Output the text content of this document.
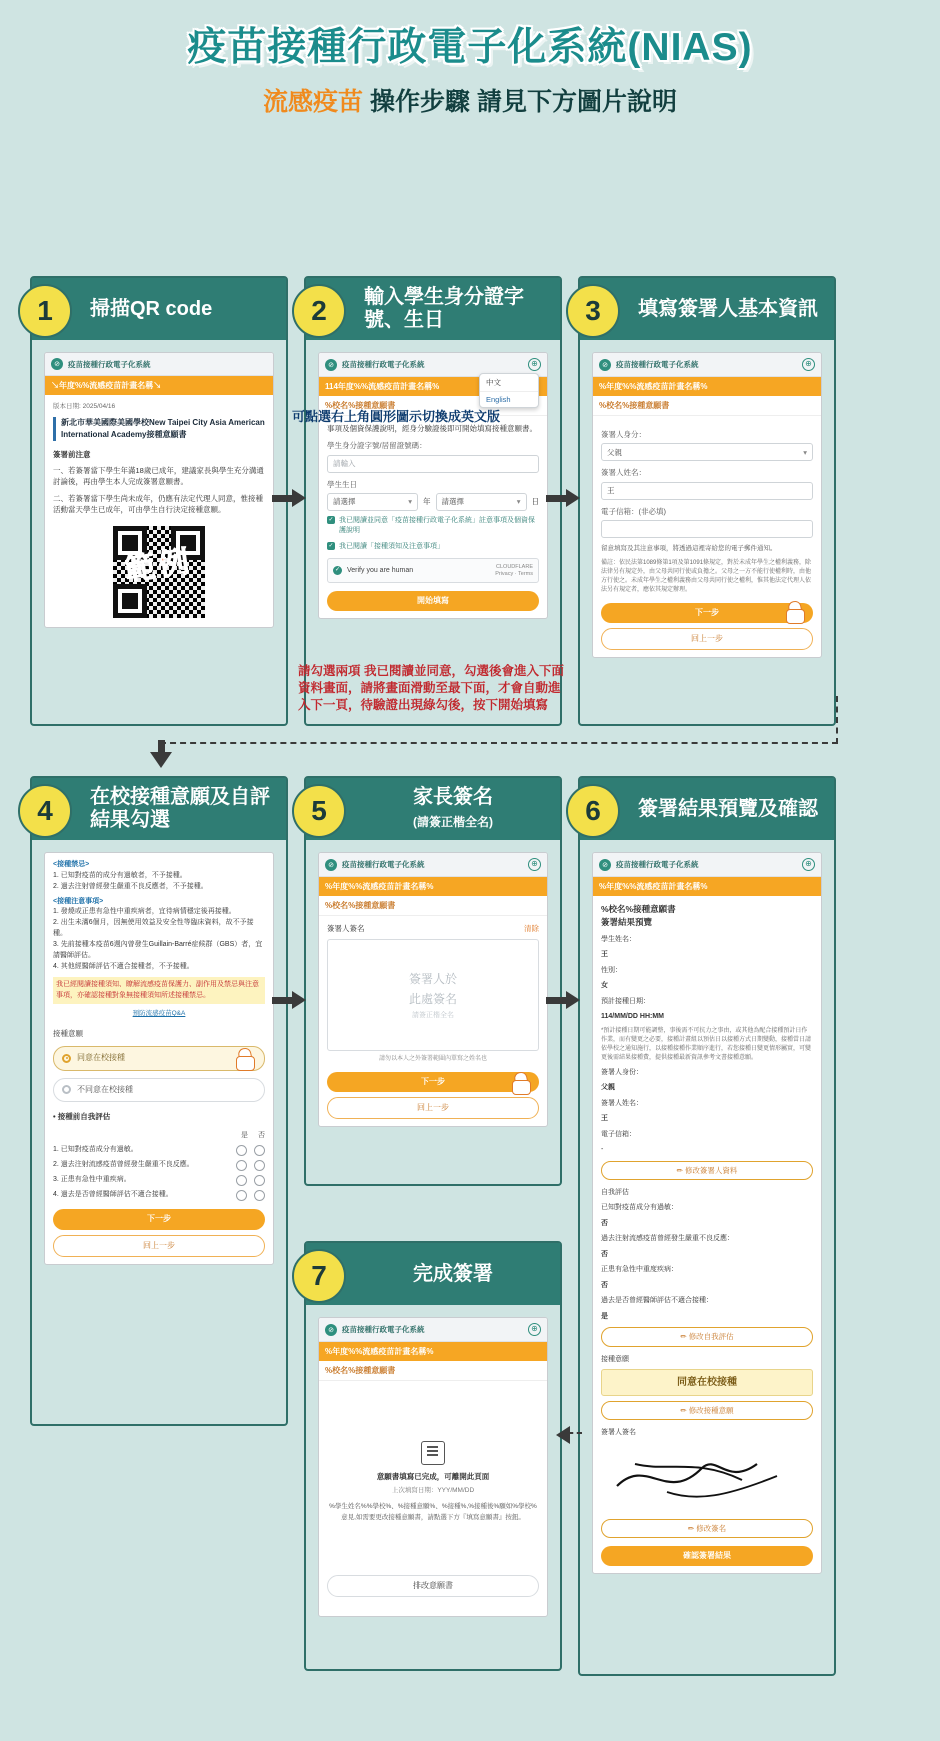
疫苗接種行政電子化系統(NIAS)
流感疫苗 操作步驟 請見下方圖片說明
1	掃描QR code
⊘	疫苗接種行政電子化系統
↘年度%%流感疫苗計畫名稱↘

版本日期: 2025/04/16

新北市華美國際美國學校New Taipei City Asia American International Academy接種意願書

簽署前注意

一、若簽署當下學生年滿18歲已成年，建議家長與學生充分溝通討論後，再由學生本人完成簽署意願書。

二、若簽署當下學生尚未成年，仍應有法定代理人同意，惟接種活動當天學生已成年，可由學生自行決定接種意願。

範例
2	輸入學生身分證字號、生日
⊘	疫苗接種行政電子化系統	⊕
中文
English
114年度%%流感疫苗計畫名稱%
%校名%接種意願書

事項及個資保護說明，經身分驗證後即可開始填寫接種意願書。

學生身分證字號/居留證號碼：
請輸入
學生生日
請選擇 ▾	年	請選擇 ▾	日
✓ 我已閱讀並同意「疫苗接種行政電子化系統」註意事項及個資保護說明
✓ 我已閱讀「接種須知及注意事項」
✓ Verify you are human	CLOUDFLARE
Privacy · Terms
開始填寫
3	填寫簽署人基本資訊
⊘	疫苗接種行政電子化系統	⊕
%年度%%流感疫苗計畫名稱%
%校名%接種意願書
簽署人身分：
父親 ▾
簽署人姓名：
王
電子信箱：(非必填)

留意填寫及其注意事項，將透過這裡寄給您的電子郵件通知。

備註：依民法第1089條第1項及第1091條規定，對於未成年學生之權利義務，除法律另有規定外，由父母共同行使或負擔之。父母之一方不能行使權利時，由他方行使之。未成年學生之權利義務由父母共同行使之權利，惟其他法定代理人依法另有規定者，應依其規定辦理。

下一步
回上一步
可點選右上角圓形圖示切換成英文版
請勾選兩項 我已閱讀並同意，勾選後會進入下面資料畫面，請將畫面滑動至最下面，才會自動進入下一頁，待驗證出現綠勾後，按下開始填寫
4	在校接種意願及自評結果勾選
<接種禁忌>
1. 已知對疫苗的成分有過敏者，不予接種。
2. 過去注射曾經發生嚴重不良反應者，不予接種。
<接種注意事項>
1. 發燒或正患有急性中重疾病者，宜待病情穩定後再接種。
2. 出生未滿6個月，因無使用效益及安全性等臨床資料，故不予接種。
3. 先前接種本疫苗6週內曾發生Guillain-Barré症候群（GBS）者，宜請醫師評估。
4. 其他經醫師評估不適合接種者，不予接種。
我已經閱讀接種須知、瞭解流感疫苗保護力、副作用及禁忌與注意事項，亦確認接種對象無接種須知所述接種禁忌。
預防流感疫苗Q&A
接種意願
同意在校接種
不同意在校接種
• 接種前自我評估
是 否
1. 已知對疫苗成分有過敏。
2. 過去注射流感疫苗曾經發生嚴重不良反應。
3. 正患有急性中重疾病。
4. 過去是否曾經醫師評估不適合接種。
下一步
回上一步
5	家長簽名
(請簽正楷全名)
⊘	疫苗接種行政電子化系統	⊕
%年度%%流感疫苗計畫名稱%
%校名%接種意願書
簽署人簽名	清除
簽署人於
此處簽名
請簽正楷全名
請勿以本人之外簽署範圍內單寫之姓名也
下一步
回上一步
6	簽署結果預覽及確認
⊘	疫苗接種行政電子化系統	⊕
%年度%%流感疫苗計畫名稱%
%校名%接種意願書
簽署結果預覽
學生姓名：
王
性別：
女
預計接種日期：
114/MM/DD HH:MM
*預計接種日期可能調整，事後需不可抗力之事由，或其他為配合接種預計日作作業，而有變更之必要，接種計畫組以預估日以接種方式日期變動，接種當日請依學校之通知施行，以接種接種作業順序進行，若您接種日變更情形屬實，可變更後需結果接種費，提供接種最新資訊參考文書接種意願。
簽署人身份：
父親
簽署人姓名：
王
電子信箱：
-
✏ 修改簽署人資料
自我評估
已知對疫苗成分有過敏：
否
過去注射流感疫苗曾經發生嚴重不良反應：
否
正患有急性中重度疾病：
否
過去是否曾經醫師評估不適合接種：
是
✏ 修改自我評估
接種意願
同意在校接種
✏ 修改接種意願
簽署人簽名
✏ 修改簽名
確認簽署結果
7	完成簽署
⊘	疫苗接種行政電子化系統	⊕
%年度%%流感疫苗計畫名稱%
%校名%接種意願書
意願書填寫已完成，可離開此頁面
上次填寫日期：YYY/MM/DD
%學生姓名%%學校%、%接種意願%、%接種%,%接種後%願如%學校%意見,如需要更改接種意願書，請點選下方『填寫意願書』按鈕。
排改意願書
